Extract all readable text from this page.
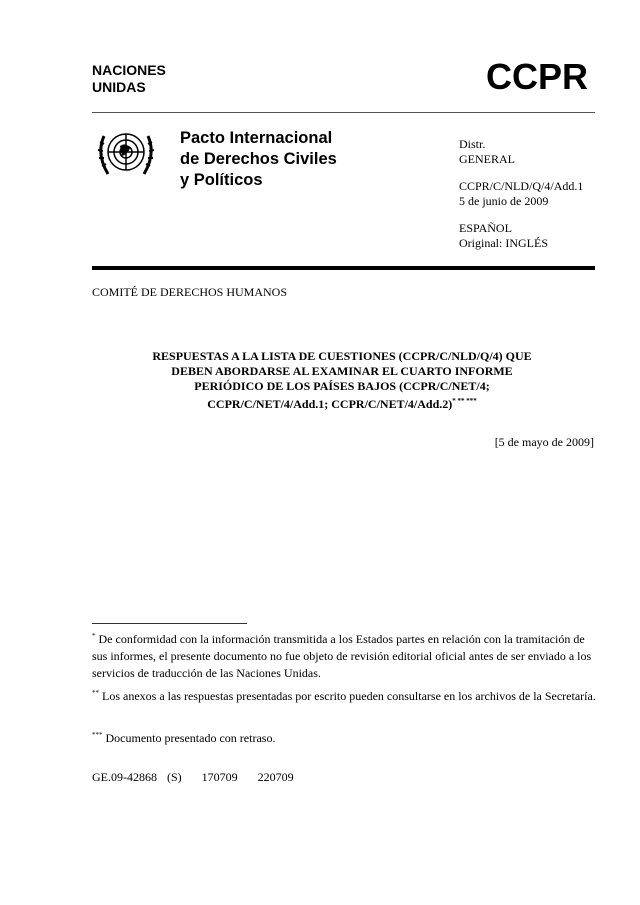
NACIONES
UNIDAS	CCPR
Pacto Internacional
de Derechos Civiles
y Políticos

Distr.
GENERAL

CCPR/C/NLD/Q/4/Add.1
5 de junio de 2009

ESPAÑOL
Original: INGLÉS

COMITÉ DE DERECHOS HUMANOS
RESPUESTAS A LA LISTA DE CUESTIONES (CCPR/C/NLD/Q/4) QUE
DEBEN ABORDARSE AL EXAMINAR EL CUARTO INFORME
PERIÓDICO DE LOS PAÍSES BAJOS (CCPR/C/NET/4;
CCPR/C/NET/4/Add.1; CCPR/C/NET/4/Add.2)* ** ***
[5 de mayo de 2009]
* De conformidad con la información transmitida a los Estados partes en relación con la tramitación de sus informes, el presente documento no fue objeto de revisión editorial oficial antes de ser enviado a los servicios de traducción de las Naciones Unidas.
** Los anexos a las respuestas presentadas por escrito pueden consultarse en los archivos de la Secretaría.
*** Documento presentado con retraso.
GE.09-42868  (S)    170709    220709
